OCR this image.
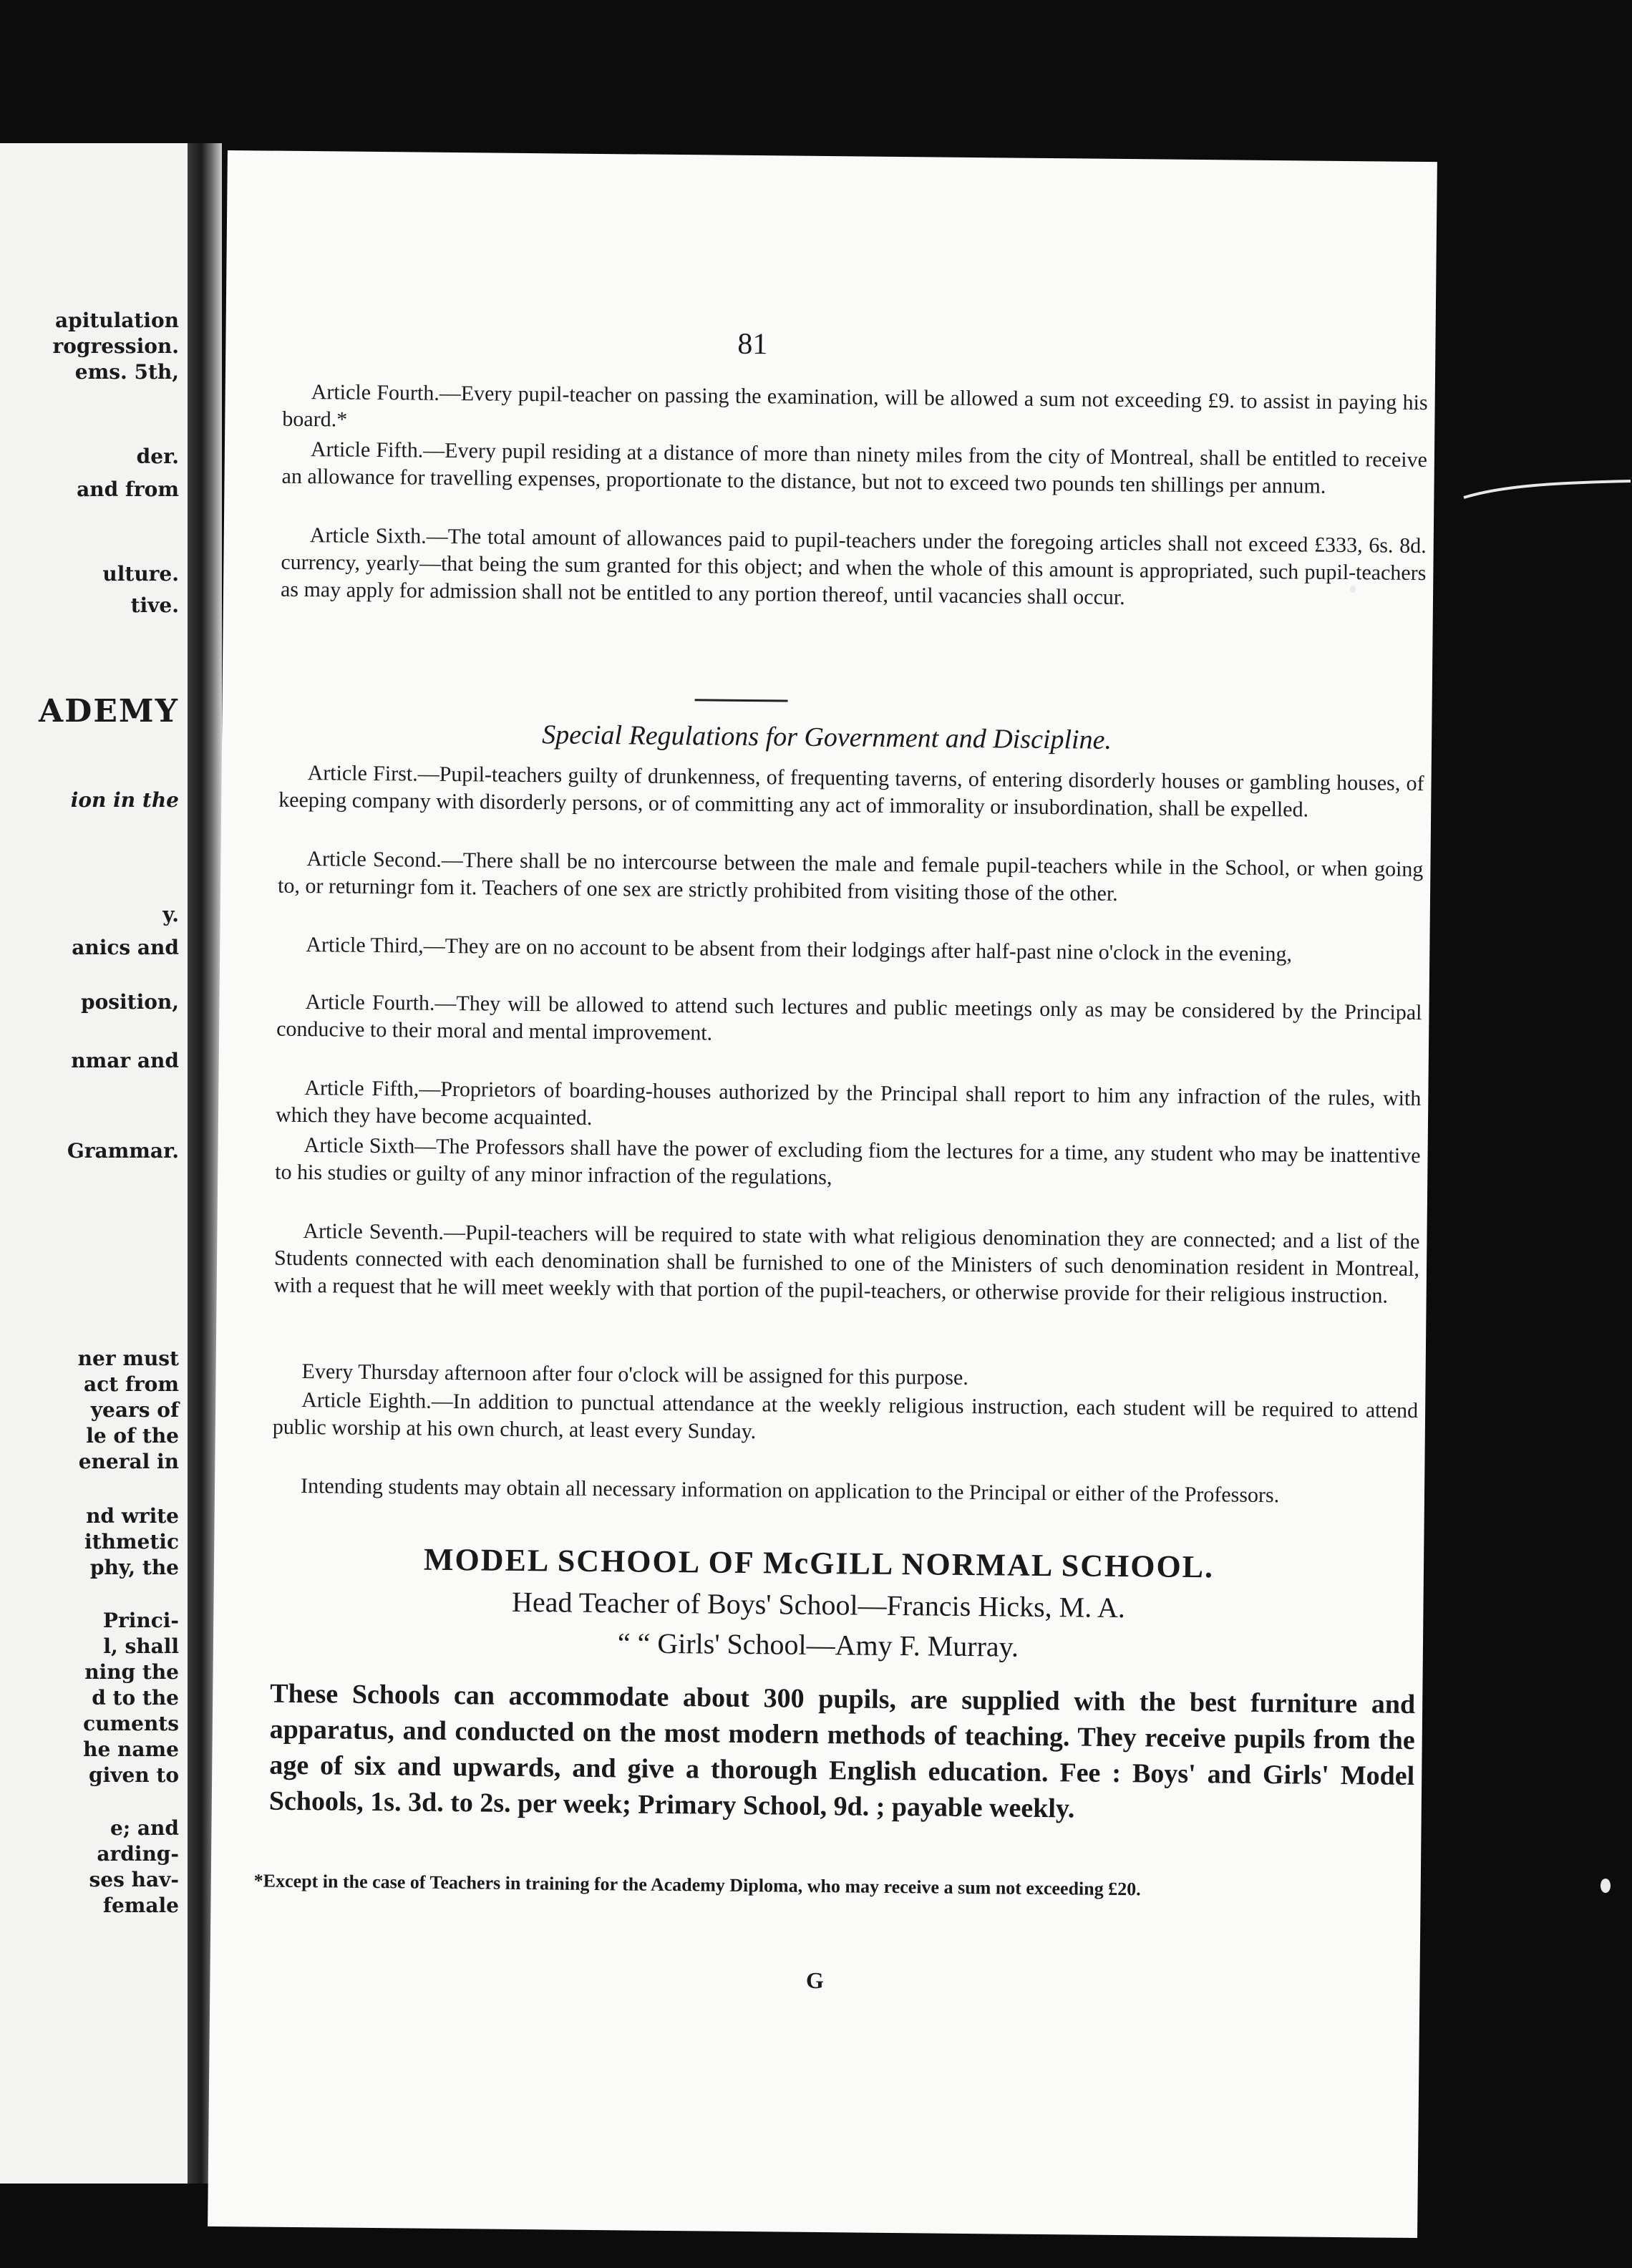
apitulation
rogression.
ems. 5th,
der.
and from
ulture.
tive.
ADEMY
ion in the
y.
anics and
position,
nmar and
Grammar.
ner must
act from
years of
le of the
eneral in
nd write
ithmetic
phy, the
Princi-
l, shall
ning the
d to the
cuments
he name
given to
e; and
arding-
ses hav-
female
81
Article Fourth.—Every pupil-teacher on passing the examination, will be allowed a sum not exceeding £9. to assist in paying his board.*
Article Fifth.—Every pupil residing at a distance of more than ninety miles from the city of Montreal, shall be entitled to receive an allowance for travelling expenses, proportionate to the distance, but not to exceed two pounds ten shillings per annum.
Article Sixth.—The total amount of allowances paid to pupil-teachers under the foregoing articles shall not exceed £333, 6s. 8d. currency, yearly—that being the sum granted for this object; and when the whole of this amount is appropriated, such pupil-teachers as may apply for admission shall not be entitled to any portion thereof, until vacancies shall occur.
Special Regulations for Government and Discipline.
Article First.—Pupil-teachers guilty of drunkenness, of frequenting taverns, of entering disorderly houses or gambling houses, of keeping company with disorderly persons, or of committing any act of immorality or insubordination, shall be expelled.
Article Second.—There shall be no intercourse between the male and female pupil-teachers while in the School, or when going to, or returningr fom it. Teachers of one sex are strictly prohibited from visiting those of the other.
Article Third,—They are on no account to be absent from their lodgings after half-past nine o'clock in the evening,
Article Fourth.—They will be allowed to attend such lectures and public meetings only as may be considered by the Principal conducive to their moral and mental improvement.
Article Fifth,—Proprietors of boarding-houses authorized by the Principal shall report to him any infraction of the rules, with which they have become acquainted.
Article Sixth—The Professors shall have the power of excluding fiom the lectures for a time, any student who may be inattentive to his studies or guilty of any minor infraction of the regulations,
Article Seventh.—Pupil-teachers will be required to state with what religious denomination they are connected; and a list of the Students connected with each denomination shall be furnished to one of the Ministers of such denomination resident in Montreal, with a request that he will meet weekly with that portion of the pupil-teachers, or otherwise provide for their religious instruction.
Every Thursday afternoon after four o'clock will be assigned for this purpose.
Article Eighth.—In addition to punctual attendance at the weekly religious instruction, each student will be required to attend public worship at his own church, at least every Sunday.
Intending students may obtain all necessary information on application to the Principal or either of the Professors.
MODEL SCHOOL OF McGILL NORMAL SCHOOL.
Head Teacher of Boys' School—Francis Hicks, M. A.
“ “ Girls' School—Amy F. Murray.
These Schools can accommodate about 300 pupils, are supplied with the best furniture and apparatus, and conducted on the most modern methods of teaching. They receive pupils from the age of six and upwards, and give a thorough English education. Fee : Boys' and Girls' Model Schools, 1s. 3d. to 2s. per week; Primary School, 9d. ; payable weekly.
*Except in the case of Teachers in training for the Academy Diploma, who may receive a sum not exceeding £20.
G
